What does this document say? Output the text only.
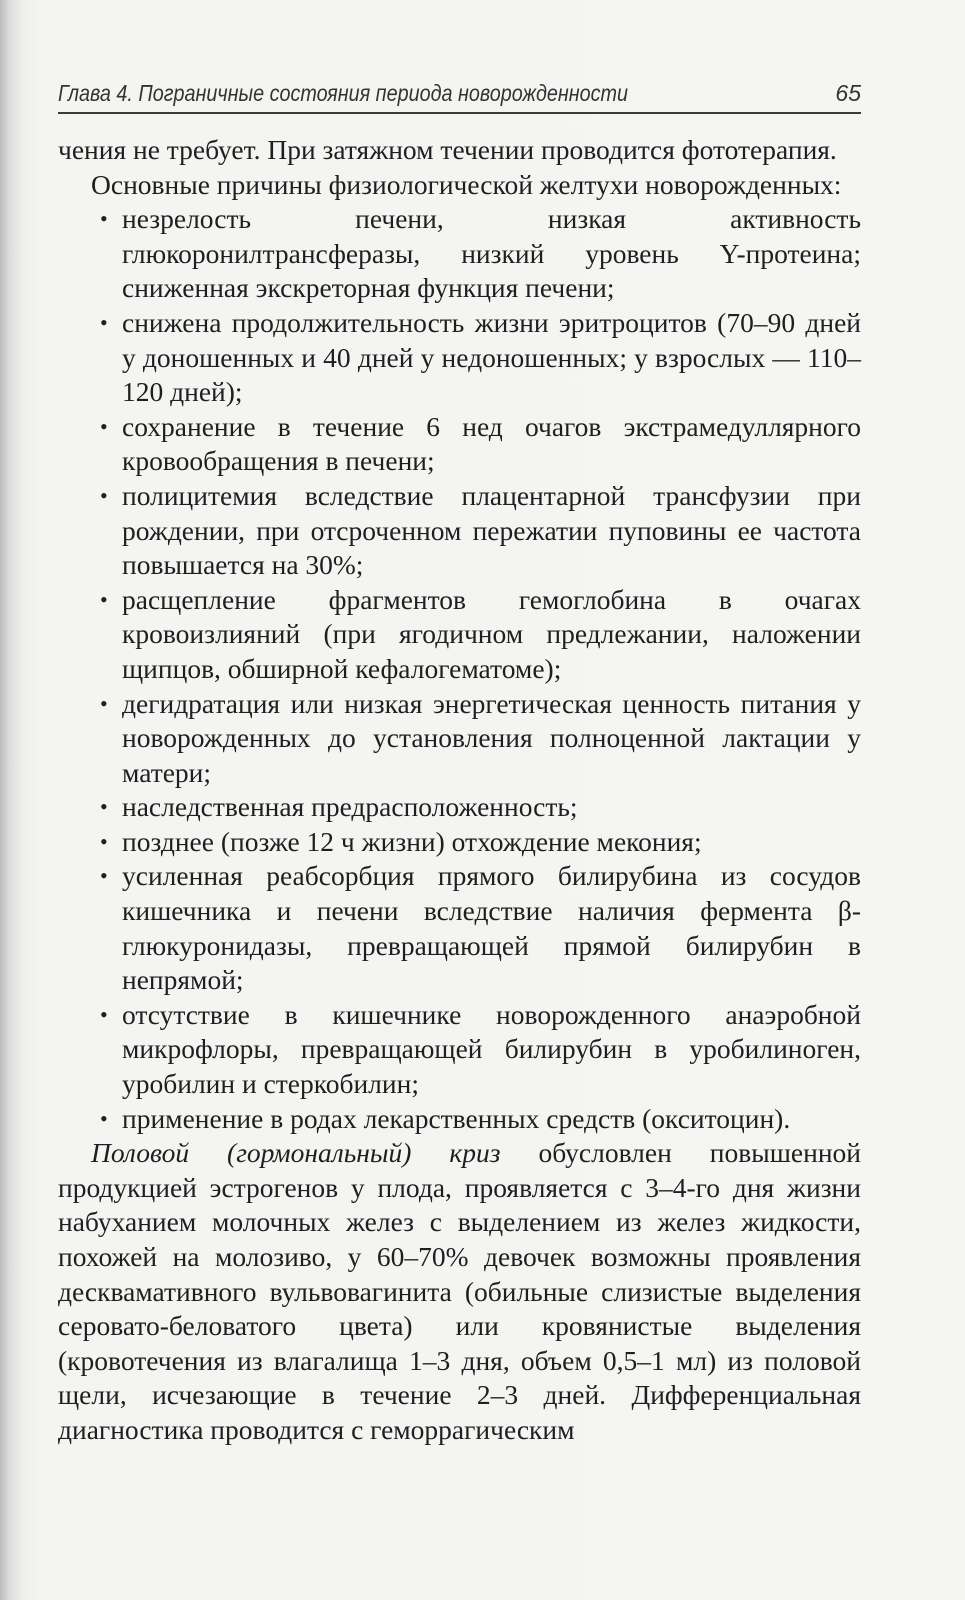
Глава 4. Пограничные состояния периода новорожденности	65

чения не требует. При затяжном течении проводится фототерапия.

Основные причины физиологической желтухи новорожденных:

• незрелость печени, низкая активность глюкоронилтрансферазы, низкий уровень Y-протеина; сниженная экскреторная функция печени;
• снижена продолжительность жизни эритроцитов (70–90 дней у доношенных и 40 дней у недоношенных; у взрослых — 110–120 дней);
• сохранение в течение 6 нед очагов экстрамедуллярного кровообращения в печени;
• полицитемия вследствие плацентарной трансфузии при рождении, при отсроченном пережатии пуповины ее частота повышается на 30%;
• расщепление фрагментов гемоглобина в очагах кровоизлияний (при ягодичном предлежании, наложении щипцов, обширной кефалогематоме);
• дегидратация или низкая энергетическая ценность питания у новорожденных до установления полноценной лактации у матери;
• наследственная предрасположенность;
• позднее (позже 12 ч жизни) отхождение мекония;
• усиленная реабсорбция прямого билирубина из сосудов кишечника и печени вследствие наличия фермента β-глюкуронидазы, превращающей прямой билирубин в непрямой;
• отсутствие в кишечнике новорожденного анаэробной микрофлоры, превращающей билирубин в уробилиноген, уробилин и стеркобилин;
• применение в родах лекарственных средств (окситоцин).

Половой (гормональный) криз обусловлен повышенной продукцией эстрогенов у плода, проявляется с 3–4-го дня жизни набуханием молочных желез с выделением из желез жидкости, похожей на молозиво, у 60–70% девочек возможны проявления десквамативного вульвовагинита (обильные слизистые выделения серовато-беловатого цвета) или кровянистые выделения (кровотечения из влагалища 1–3 дня, объем 0,5–1 мл) из половой щели, исчезающие в течение 2–3 дней. Дифференциальная диагностика проводится с геморрагическим
